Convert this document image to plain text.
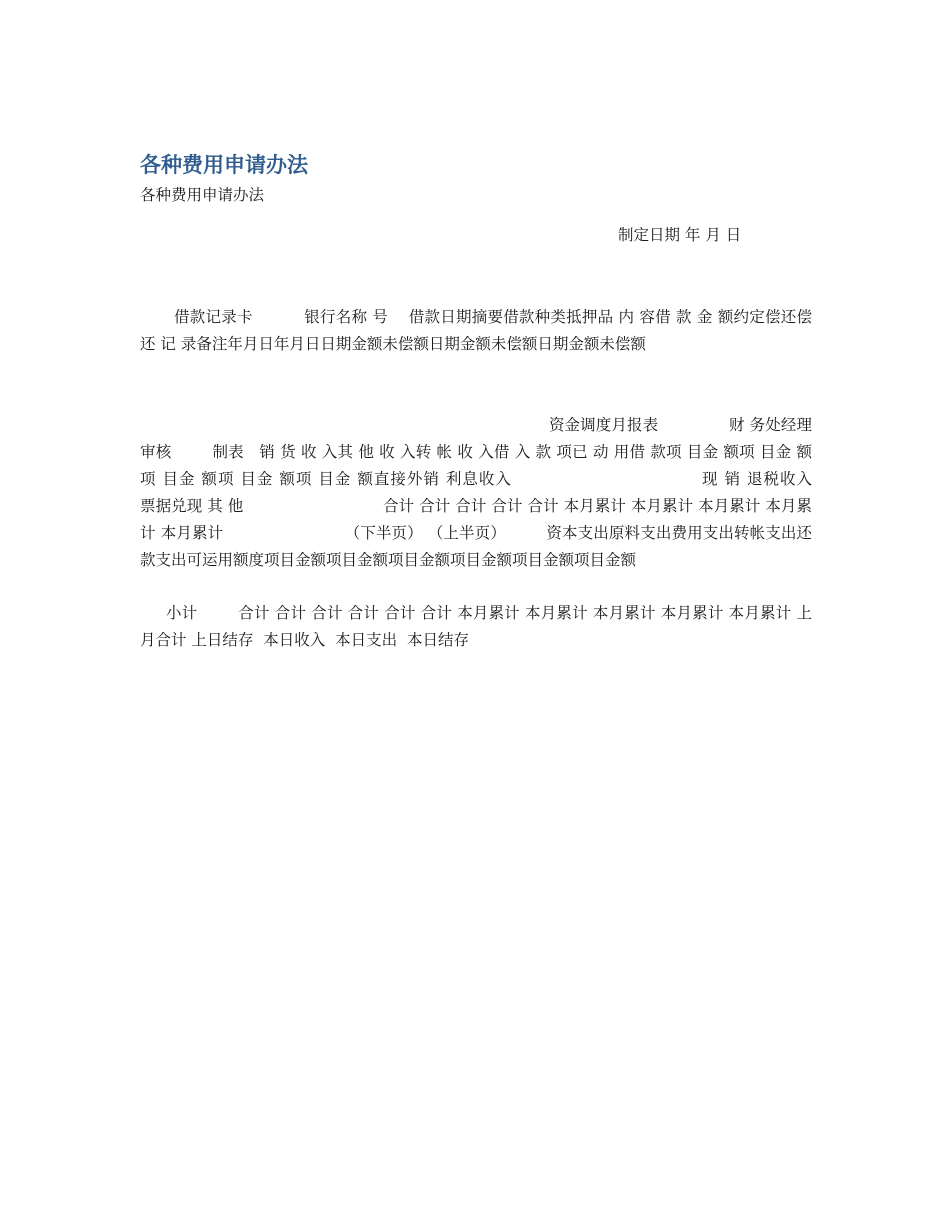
各种费用申请办法

各种费用申请办法

制定日期 年 月 日

借款记录卡          银行名称 号    借款日期摘要借款种类抵押品 内 容借 款 金 额约定偿还偿 还 记 录备注年月日年月日日期金额未偿额日期金额未偿额日期金额未偿额

资金调度月报表              财 务处经理审核        制表   销 货 收 入其 他 收 入转 帐 收 入借 入 款 项已 动 用借 款项 目金 额项 目金 额项 目金 额项 目金 额项 目金 额直接外销 利息收入                                现 销 退税收入                         票据兑现 其 他                            合计 合计 合计 合计 合计 本月累计 本月累计 本月累计 本月累计 本月累计                        （下半页） （上半页）        资本支出原料支出费用支出转帐支出还款支出可运用额度项目金额项目金额项目金额项目金额项目金额项目金额

小计        合计 合计 合计 合计 合计 合计 本月累计 本月累计 本月累计 本月累计 本月累计 上月合计 上日结存  本日收入  本日支出  本日结存
